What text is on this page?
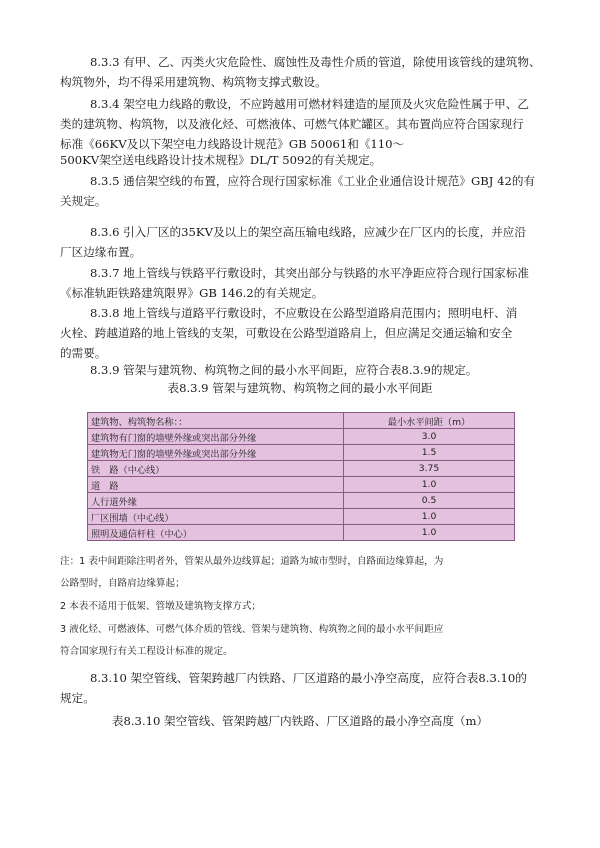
8.3.3 有甲、乙、丙类火灾危险性、腐蚀性及毒性介质的管道，除使用该管线的建筑物、

构筑物外，均不得采用建筑物、构筑物支撑式敷设。

8.3.4 架空电力线路的敷设，不应跨越用可燃材料建造的屋顶及火灾危险性属于甲、乙

类的建筑物、构筑物，以及液化烃、可燃液体、可燃气体贮罐区。其布置尚应符合国家现行

标准《66KV及以下架空电力线路设计规范》GB 50061和《110～

500KV架空送电线路设计技术规程》DL/T 5092的有关规定。

8.3.5 通信架空线的布置，应符合现行国家标准《工业企业通信设计规范》GBJ 42的有

关规定。

8.3.6 引入厂区的35KV及以上的架空高压输电线路，应减少在厂区内的长度，并应沿

厂区边缘布置。

8.3.7 地上管线与铁路平行敷设时，其突出部分与铁路的水平净距应符合现行国家标准

《标准轨距铁路建筑限界》GB 146.2的有关规定。

8.3.8 地上管线与道路平行敷设时，不应敷设在公路型道路肩范围内；照明电杆、消

火栓、跨越道路的地上管线的支架，可敷设在公路型道路肩上，但应满足交通运输和安全

的需要。

8.3.9 管架与建筑物、构筑物之间的最小水平间距，应符合表8.3.9的规定。

表8.3.9 管架与建筑物、构筑物之间的最小水平间距
建筑物、构筑物名称：：	最小水平间距（m）
建筑物有门窗的墙壁外缘或突出部分外缘	3.0
建筑物无门窗的墙壁外缘或突出部分外缘	1.5
铁　路（中心线）	3.75
道　路	1.0
人行道外缘	0.5
厂区围墙（中心线）	1.0
照明及通信杆柱（中心）	1.0
注：1 表中间距除注明者外，管架从最外边线算起；道路为城市型时，自路面边缘算起，为
公路型时，自路肩边缘算起；
2 本表不适用于低架、管墩及建筑物支撑方式；
3 液化烃、可燃液体、可燃气体介质的管线、管架与建筑物、构筑物之间的最小水平间距应
符合国家现行有关工程设计标准的规定。

8.3.10 架空管线、管架跨越厂内铁路、厂区道路的最小净空高度，应符合表8.3.10的

规定。

表8.3.10 架空管线、管架跨越厂内铁路、厂区道路的最小净空高度（m）
